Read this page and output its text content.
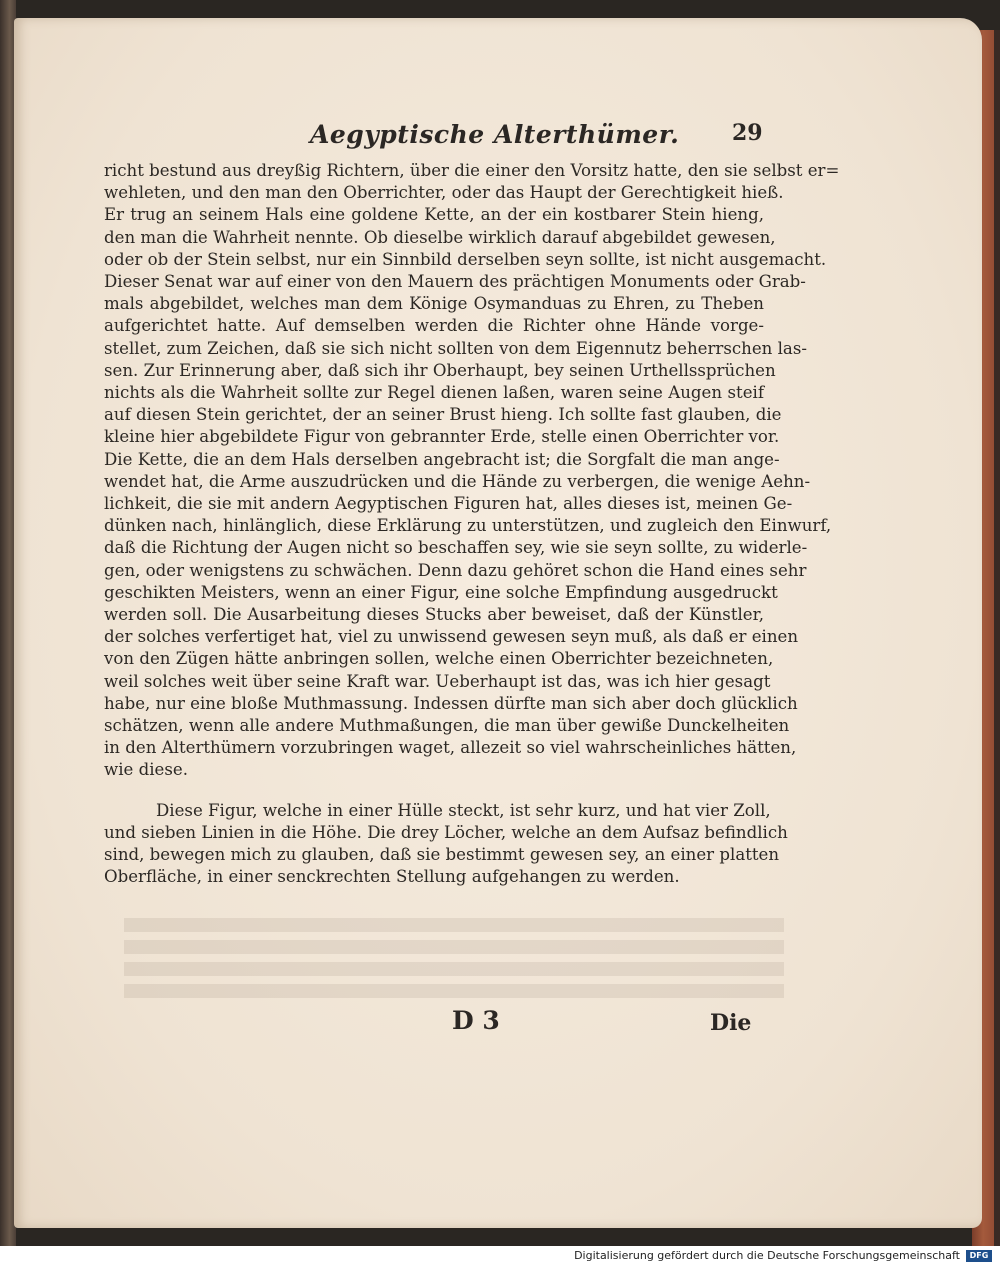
Aegyptische Alterthümer. 29
richt bestund aus dreyßig Richtern, über die einer den Vorsitz hatte, den sie selbst er=
wehleten, und den man den Oberrichter, oder das Haupt der Gerechtigkeit hieß.
Er trug an seinem Hals eine goldene Kette, an der ein kostbarer Stein hieng,
den man die Wahrheit nennte. Ob dieselbe wirklich darauf abgebildet gewesen,
oder ob der Stein selbst, nur ein Sinnbild derselben seyn sollte, ist nicht ausgemacht.
Dieser Senat war auf einer von den Mauern des prächtigen Monuments oder Grab-
mals abgebildet, welches man dem Könige Osymanduas zu Ehren, zu Theben
aufgerichtet hatte. Auf demselben werden die Richter ohne Hände vorge-
stellet, zum Zeichen, daß sie sich nicht sollten von dem Eigennutz beherrschen las-
sen. Zur Erinnerung aber, daß sich ihr Oberhaupt, bey seinen Urthellssprüchen
nichts als die Wahrheit sollte zur Regel dienen laßen, waren seine Augen steif
auf diesen Stein gerichtet, der an seiner Brust hieng. Ich sollte fast glauben, die
kleine hier abgebildete Figur von gebrannter Erde, stelle einen Oberrichter vor.
Die Kette, die an dem Hals derselben angebracht ist; die Sorgfalt die man ange-
wendet hat, die Arme auszudrücken und die Hände zu verbergen, die wenige Aehn-
lichkeit, die sie mit andern Aegyptischen Figuren hat, alles dieses ist, meinen Ge-
dünken nach, hinlänglich, diese Erklärung zu unterstützen, und zugleich den Einwurf,
daß die Richtung der Augen nicht so beschaffen sey, wie sie seyn sollte, zu widerle-
gen, oder wenigstens zu schwächen. Denn dazu gehöret schon die Hand eines sehr
geschikten Meisters, wenn an einer Figur, eine solche Empfindung ausgedruckt
werden soll. Die Ausarbeitung dieses Stucks aber beweiset, daß der Künstler,
der solches verfertiget hat, viel zu unwissend gewesen seyn muß, als daß er einen
von den Zügen hätte anbringen sollen, welche einen Oberrichter bezeichneten,
weil solches weit über seine Kraft war. Ueberhaupt ist das, was ich hier gesagt
habe, nur eine bloße Muthmassung. Indessen dürfte man sich aber doch glücklich
schätzen, wenn alle andere Muthmaßungen, die man über gewiße Dunckelheiten
in den Alterthümern vorzubringen waget, allezeit so viel wahrscheinliches hätten,
wie diese.
Diese Figur, welche in einer Hülle steckt, ist sehr kurz, und hat vier Zoll,
und sieben Linien in die Höhe. Die drey Löcher, welche an dem Aufsaz befindlich
sind, bewegen mich zu glauben, daß sie bestimmt gewesen sey, an einer platten
Oberfläche, in einer senckrechten Stellung aufgehangen zu werden.
D 3	Die
Digitalisierung gefördert durch die Deutsche Forschungsgemeinschaft	DFG
